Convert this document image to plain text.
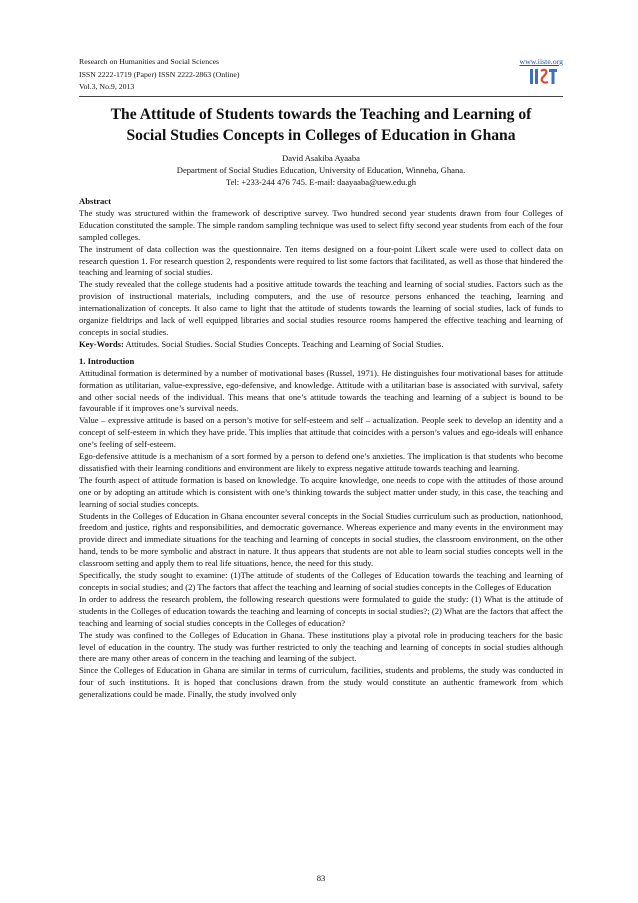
Research on Humanities and Social Sciences
ISSN 2222-1719 (Paper) ISSN 2222-2863 (Online)
Vol.3, No.9, 2013
www.iiste.org
The Attitude of Students towards the Teaching and Learning of
Social Studies Concepts in Colleges of Education in Ghana
David Asakiba Ayaaba
Department of Social Studies Education, University of Education, Winneba, Ghana.
Tel: +233-244 476 745. E-mail: daayaaba@uew.edu.gh

Abstract

The study was structured within the framework of descriptive survey. Two hundred second year students drawn from four Colleges of Education constituted the sample. The simple random sampling technique was used to select fifty second year students from each of the four sampled colleges.

The instrument of data collection was the questionnaire. Ten items designed on a four-point Likert scale were used to collect data on research question 1. For research question 2, respondents were required to list some factors that facilitated, as well as those that hindered the teaching and learning of social studies.

The study revealed that the college students had a positive attitude towards the teaching and learning of social studies. Factors such as the provision of instructional materials, including computers, and the use of resource persons enhanced the teaching, learning and internationalization of concepts. It also came to light that the attitude of students towards the learning of social studies, lack of funds to organize fieldtrips and lack of well equipped libraries and social studies resource rooms hampered the effective teaching and learning of concepts in social studies.

Key-Words: Attitudes. Social Studies. Social Studies Concepts. Teaching and Learning of Social Studies.

1. Introduction

Attitudinal formation is determined by a number of motivational bases (Russel, 1971). He distinguishes four motivational bases for attitude formation as utilitarian, value-expressive, ego-defensive, and knowledge. Attitude with a utilitarian base is associated with survival, safety and other social needs of the individual. This means that one’s attitude towards the teaching and learning of a subject is bound to be favourable if it improves one’s survival needs.

Value – expressive attitude is based on a person’s motive for self-esteem and self – actualization. People seek to develop an identity and a concept of self-esteem in which they have pride. This implies that attitude that coincides with a person’s values and ego-ideals will enhance one’s feeling of self-esteem.

Ego-defensive attitude is a mechanism of a sort formed by a person to defend one’s anxieties. The implication is that students who become dissatisfied with their learning conditions and environment are likely to express negative attitude towards teaching and learning.

The fourth aspect of attitude formation is based on knowledge. To acquire knowledge, one needs to cope with the attitudes of those around one or by adopting an attitude which is consistent with one’s thinking towards the subject matter under study, in this case, the teaching and learning of social studies concepts.

Students in the Colleges of Education in Ghana encounter several concepts in the Social Studies curriculum such as production, nationhood, freedom and justice, rights and responsibilities, and democratic governance. Whereas experience and many events in the environment may provide direct and immediate situations for the teaching and learning of concepts in social studies, the classroom environment, on the other hand, tends to be more symbolic and abstract in nature. It thus appears that students are not able to learn social studies concepts well in the classroom setting and apply them to real life situations, hence, the need for this study.

Specifically, the study sought to examine: (1)The attitude of students of the Colleges of Education towards the teaching and learning of concepts in social studies; and (2) The factors that affect the teaching and learning of social studies concepts in the Colleges of Education

In order to address the research problem, the following research questions were formulated to guide the study: (1) What is the attitude of students in the Colleges of education towards the teaching and learning of concepts in social studies?; (2) What are the factors that affect the teaching and learning of social studies concepts in the Colleges of education?

The study was confined to the Colleges of Education in Ghana. These institutions play a pivotal role in producing teachers for the basic level of education in the country. The study was further restricted to only the teaching and learning of concepts in social studies although there are many other areas of concern in the teaching and learning of the subject.

Since the Colleges of Education in Ghana are similar in terms of curriculum, facilities, students and problems, the study was conducted in four of such institutions. It is hoped that conclusions drawn from the study would constitute an authentic framework from which generalizations could be made. Finally, the study involved only

83
